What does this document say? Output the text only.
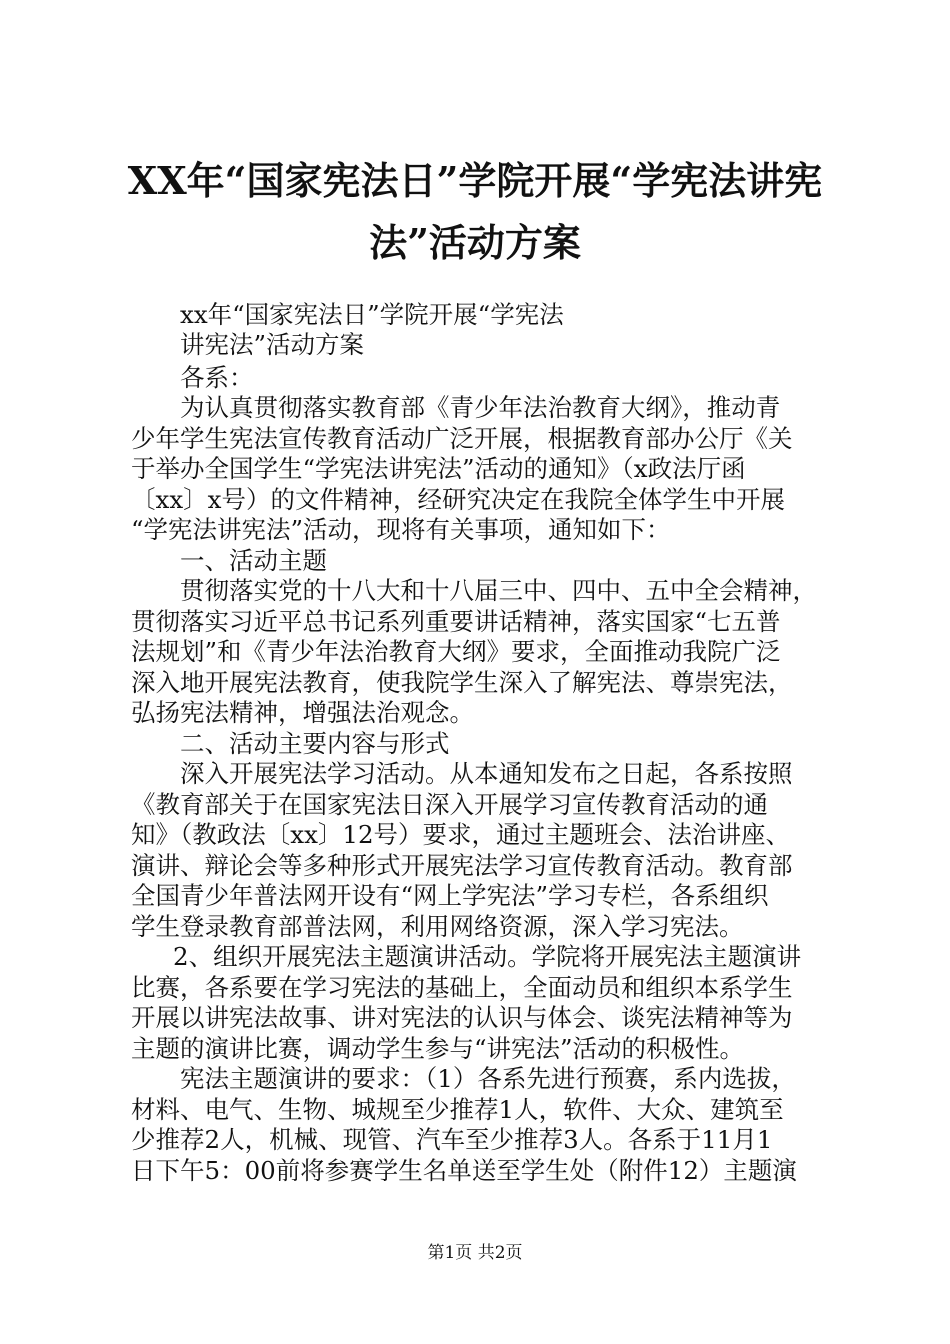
XX年“国家宪法日”学院开展“学宪法讲宪
法”活动方案
xx年“国家宪法日”学院开展“学宪法
讲宪法”活动方案
各系：
为认真贯彻落实教育部《青少年法治教育大纲》，推动青
少年学生宪法宣传教育活动广泛开展，根据教育部办公厅《关
于举办全国学生“学宪法讲宪法”活动的通知》（x政法厅函
〔xx〕x号）的文件精神，经研究决定在我院全体学生中开展
“学宪法讲宪法”活动，现将有关事项，通知如下：
一、活动主题
贯彻落实党的十八大和十八届三中、四中、五中全会精神，
贯彻落实习近平总书记系列重要讲话精神，落实国家“七五普
法规划”和《青少年法治教育大纲》要求，全面推动我院广泛
深入地开展宪法教育，使我院学生深入了解宪法、尊崇宪法，
弘扬宪法精神，增强法治观念。
二、活动主要内容与形式
深入开展宪法学习活动。从本通知发布之日起，各系按照
《教育部关于在国家宪法日深入开展学习宣传教育活动的通
知》（教政法〔xx〕12号）要求，通过主题班会、法治讲座、
演讲、辩论会等多种形式开展宪法学习宣传教育活动。教育部
全国青少年普法网开设有“网上学宪法”学习专栏，各系组织
学生登录教育部普法网，利用网络资源，深入学习宪法。
2、组织开展宪法主题演讲活动。学院将开展宪法主题演讲
比赛，各系要在学习宪法的基础上，全面动员和组织本系学生
开展以讲宪法故事、讲对宪法的认识与体会、谈宪法精神等为
主题的演讲比赛，调动学生参与“讲宪法”活动的积极性。
宪法主题演讲的要求：（1）各系先进行预赛，系内选拔，
材料、电气、生物、城规至少推荐1人，软件、大众、建筑至
少推荐2人，机械、现管、汽车至少推荐3人。各系于11月1
日下午5：00前将参赛学生名单送至学生处（附件12）主题演
第1页 共2页
